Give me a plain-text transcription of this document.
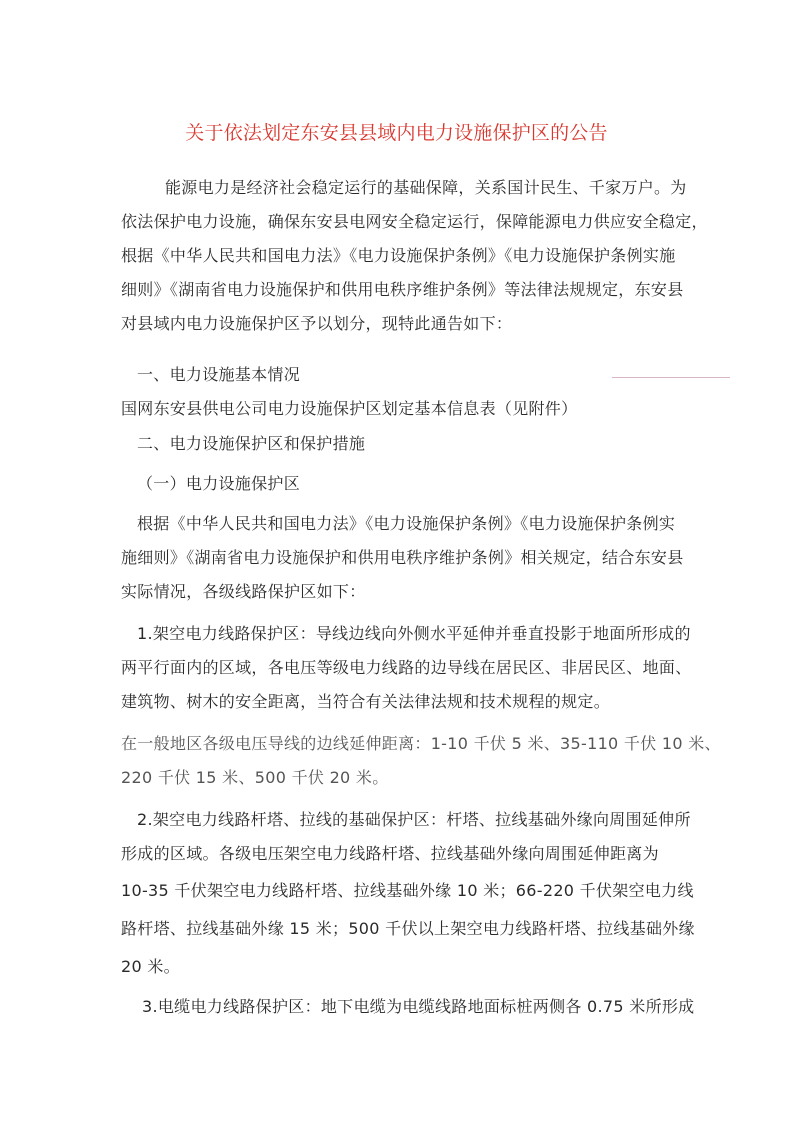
关于依法划定东安县县域内电力设施保护区的公告
能源电力是经济社会稳定运行的基础保障，关系国计民生、千家万户。为
依法保护电力设施，确保东安县电网安全稳定运行，保障能源电力供应安全稳定，
根据《中华人民共和国电力法》《电力设施保护条例》《电力设施保护条例实施
细则》《湖南省电力设施保护和供用电秩序维护条例》等法律法规规定，东安县
对县域内电力设施保护区予以划分，现特此通告如下：
一、电力设施基本情况
国网东安县供电公司电力设施保护区划定基本信息表（见附件）
二、电力设施保护区和保护措施
（一）电力设施保护区
根据《中华人民共和国电力法》《电力设施保护条例》《电力设施保护条例实
施细则》《湖南省电力设施保护和供用电秩序维护条例》相关规定，结合东安县
实际情况，各级线路保护区如下：
1.架空电力线路保护区：导线边线向外侧水平延伸并垂直投影于地面所形成的
两平行面内的区域，各电压等级电力线路的边导线在居民区、非居民区、地面、
建筑物、树木的安全距离，当符合有关法律法规和技术规程的规定。
在一般地区各级电压导线的边线延伸距离：1-10 千伏 5 米、35-110 千伏 10 米、
220 千伏 15 米、500 千伏 20 米。
2.架空电力线路杆塔、拉线的基础保护区：杆塔、拉线基础外缘向周围延伸所
形成的区域。各级电压架空电力线路杆塔、拉线基础外缘向周围延伸距离为
10-35 千伏架空电力线路杆塔、拉线基础外缘 10 米；66-220 千伏架空电力线
路杆塔、拉线基础外缘 15 米；500 千伏以上架空电力线路杆塔、拉线基础外缘
20 米。
3.电缆电力线路保护区：地下电缆为电缆线路地面标桩两侧各 0.75 米所形成
